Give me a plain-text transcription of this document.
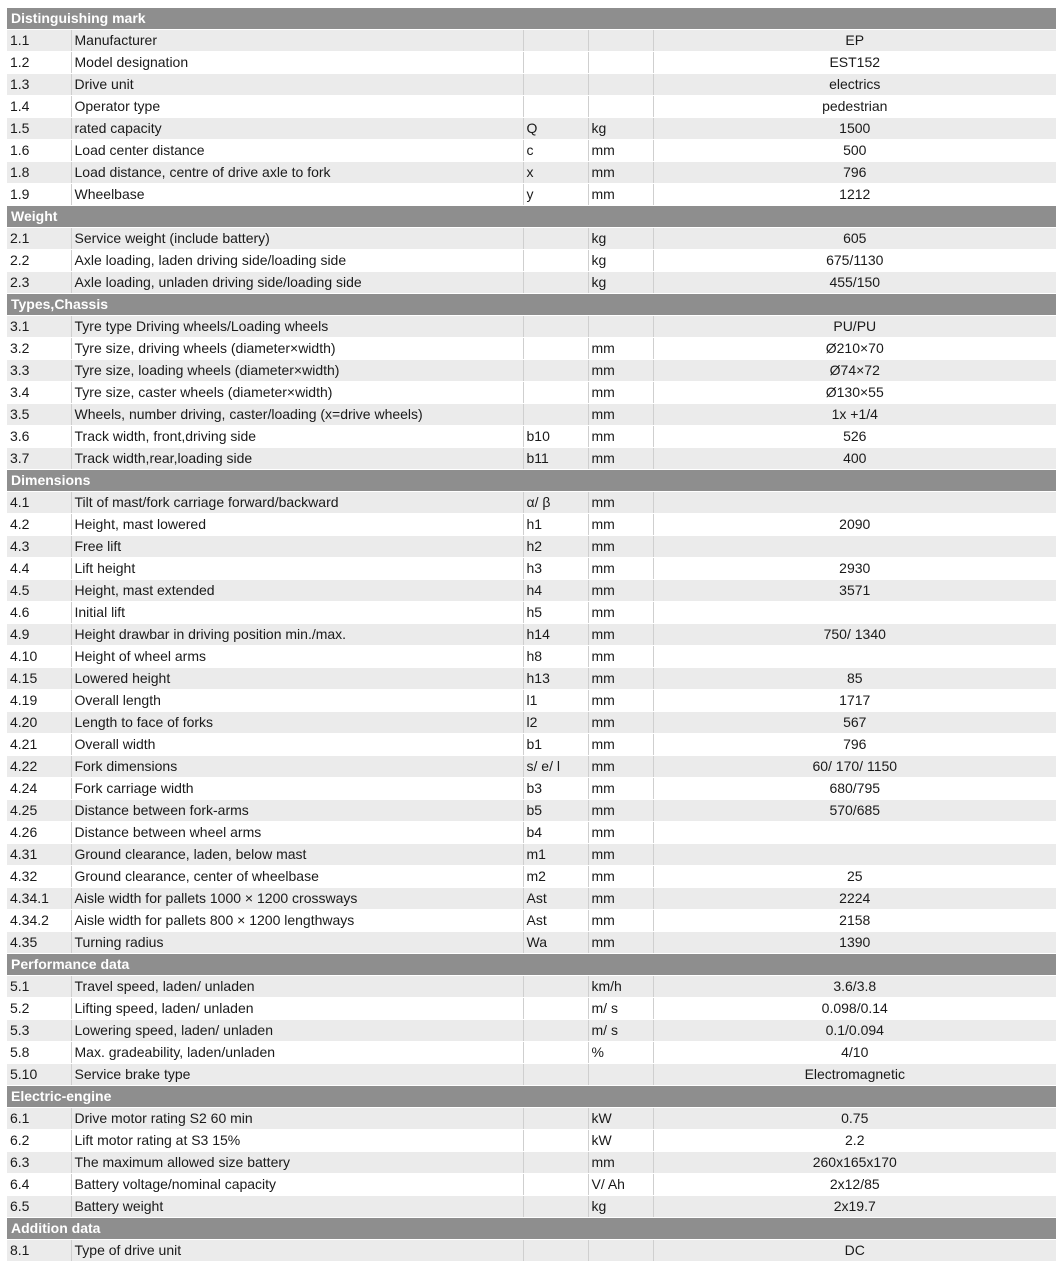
Distinguishing mark				
1.1	Manufacturer			EP
1.2	Model designation			EST152
1.3	Drive unit			electrics
1.4	Operator type			pedestrian
1.5	rated capacity	Q	kg	1500
1.6	Load center distance	c	mm	500
1.8	Load distance, centre of drive axle to fork	x	mm	796
1.9	Wheelbase	y	mm	1212
Weight				
2.1	Service weight (include battery)		kg	605
2.2	Axle loading, laden driving side/loading side		kg	675/1130
2.3	Axle loading, unladen driving side/loading side		kg	455/150
Types,Chassis				
3.1	Tyre type Driving wheels/Loading wheels			PU/PU
3.2	Tyre size, driving wheels (diameter×width)		mm	Ø210×70
3.3	Tyre size, loading wheels (diameter×width)		mm	Ø74×72
3.4	Tyre size, caster wheels (diameter×width)		mm	Ø130×55
3.5	Wheels, number driving, caster/loading (x=drive wheels)		mm	1x +1/4
3.6	Track width, front,driving side	b10	mm	526
3.7	Track width,rear,loading side	b11	mm	400
Dimensions				
4.1	Tilt of mast/fork carriage forward/backward	α/ β	mm	
4.2	Height, mast lowered	h1	mm	2090
4.3	Free lift	h2	mm	
4.4	Lift height	h3	mm	2930
4.5	Height, mast extended	h4	mm	3571
4.6	Initial lift	h5	mm	
4.9	Height drawbar in driving position min./max.	h14	mm	750/ 1340
4.10	Height of wheel arms	h8	mm	
4.15	Lowered height	h13	mm	85
4.19	Overall length	l1	mm	1717
4.20	Length to face of forks	l2	mm	567
4.21	Overall width	b1	mm	796
4.22	Fork dimensions	s/ e/ l	mm	60/ 170/ 1150
4.24	Fork carriage width	b3	mm	680/795
4.25	Distance between fork-arms	b5	mm	570/685
4.26	Distance between wheel arms	b4	mm	
4.31	Ground clearance, laden, below mast	m1	mm	
4.32	Ground clearance, center of wheelbase	m2	mm	25
4.34.1	Aisle width for pallets 1000 × 1200 crossways	Ast	mm	2224
4.34.2	Aisle width for pallets 800 × 1200 lengthways	Ast	mm	2158
4.35	Turning radius	Wa	mm	1390
Performance data				
5.1	Travel speed, laden/ unladen		km/h	3.6/3.8
5.2	Lifting speed, laden/ unladen		m/ s	0.098/0.14
5.3	Lowering speed, laden/ unladen		m/ s	0.1/0.094
5.8	Max. gradeability, laden/unladen		%	4/10
5.10	Service brake type			Electromagnetic
Electric-engine				
6.1	Drive motor rating S2 60 min		kW	0.75
6.2	Lift motor rating at S3 15%		kW	2.2
6.3	The maximum allowed size battery		mm	260x165x170
6.4	Battery voltage/nominal capacity		V/ Ah	2x12/85
6.5	Battery weight		kg	2x19.7
Addition data				
8.1	Type of drive unit			DC
